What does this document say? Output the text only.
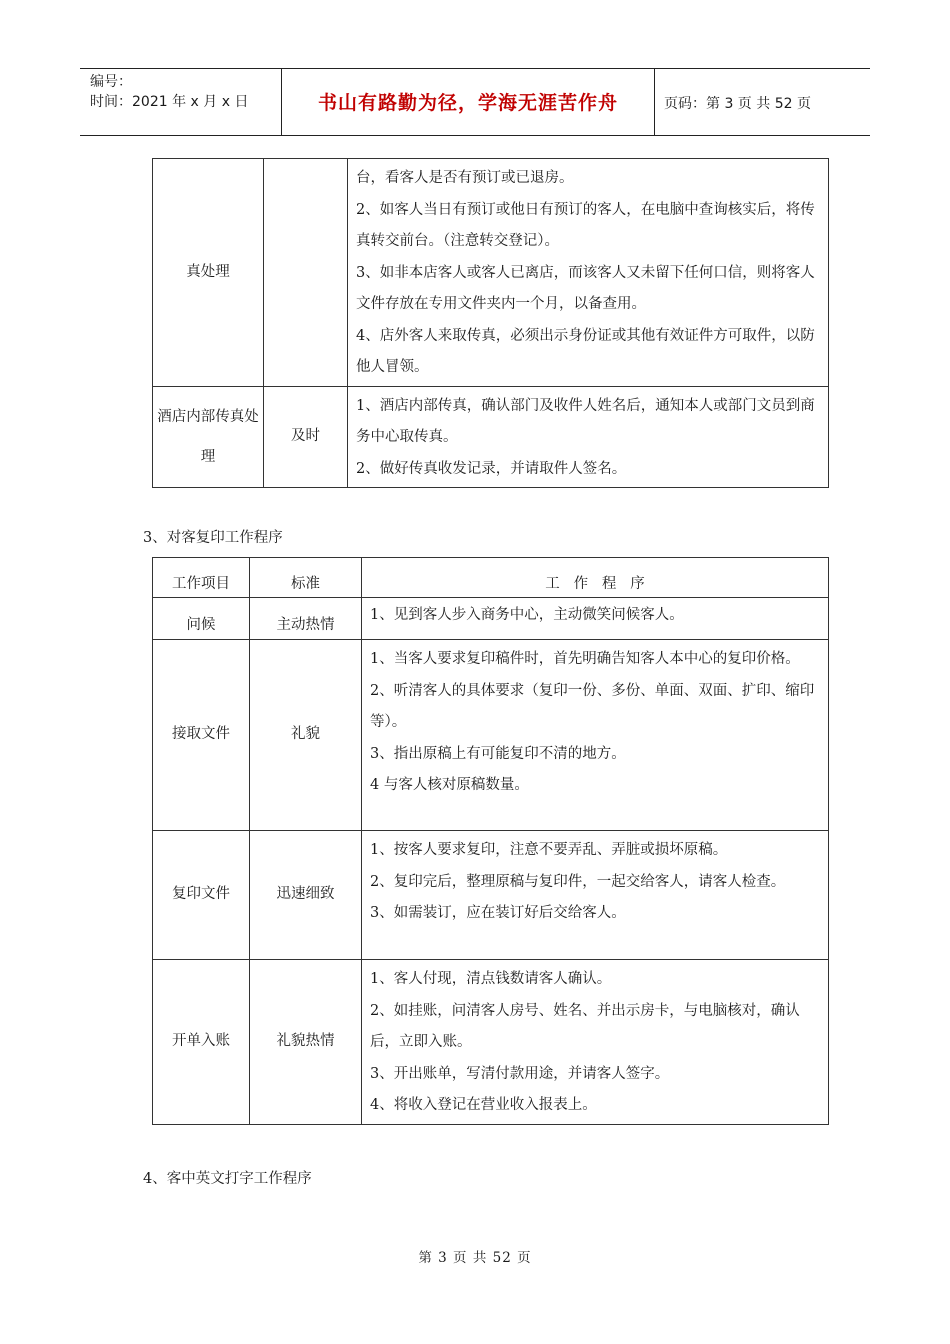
编号：
时间：2021 年 x 月 x 日	书山有路勤为径，学海无涯苦作舟	页码：第 3 页 共 52 页
真处理		台，看客人是否有预订或已退房。
2、如客人当日有预订或他日有预订的客人，在电脑中查询核实后，将传真转交前台。（注意转交登记）。
3、如非本店客人或客人已离店，而该客人又未留下任何口信，则将客人文件存放在专用文件夹内一个月，以备查用。
4、店外客人来取传真，必须出示身份证或其他有效证件方可取件，以防他人冒领。

酒店内部传真处理	及时	1、酒店内部传真，确认部门及收件人姓名后，通知本人或部门文员到商务中心取传真。
2、做好传真收发记录，并请取件人签名。
3、对客复印工作程序
工作项目	标准	工   作   程   序
问候	主动热情	1、见到客人步入商务中心，主动微笑问候客人。

接取文件	礼貌	1、当客人要求复印稿件时，首先明确告知客人本中心的复印价格。
2、听清客人的具体要求（复印一份、多份、单面、双面、扩印、缩印等）。
3、指出原稿上有可能复印不清的地方。
4 与客人核对原稿数量。

复印文件	迅速细致	1、按客人要求复印，注意不要弄乱、弄脏或损坏原稿。
2、复印完后，整理原稿与复印件，一起交给客人，请客人检查。
3、如需装订，应在装订好后交给客人。

开单入账	礼貌热情	1、客人付现，清点钱数请客人确认。
2、如挂账，问清客人房号、姓名、并出示房卡，与电脑核对，确认后，立即入账。
3、开出账单，写清付款用途，并请客人签字。
4、将收入登记在营业收入报表上。
4、客中英文打字工作程序
第 3 页 共 52 页
